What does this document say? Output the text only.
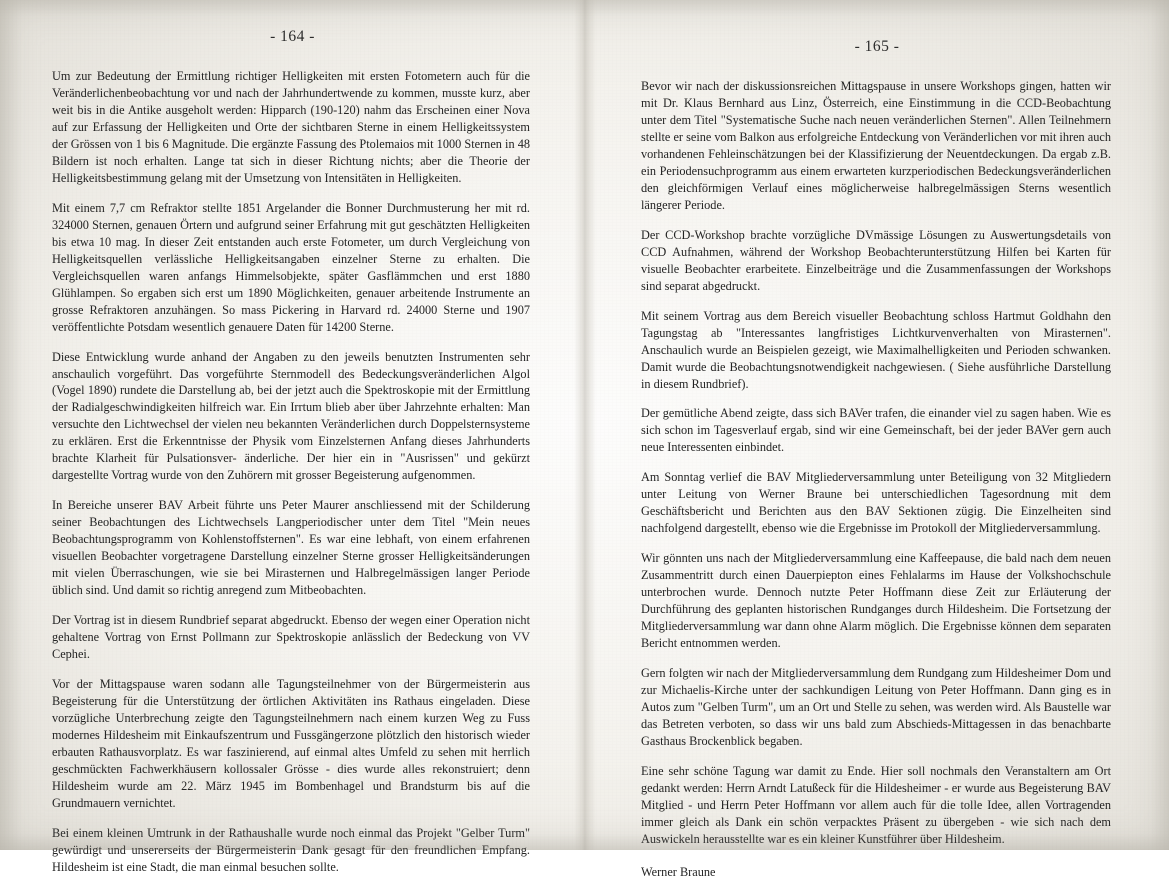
- 164 -

Um zur Bedeutung der Ermittlung richtiger Helligkeiten mit ersten Fotometern auch für die Veränderlichenbeobachtung vor und nach der Jahrhundertwende zu kommen, musste kurz, aber weit bis in die Antike ausgeholt werden: Hipparch (190-120) nahm das Erscheinen einer Nova auf zur Erfassung der Helligkeiten und Orte der sichtbaren Sterne in einem Helligkeitssystem der Grössen von 1 bis 6 Magnitude. Die ergänzte Fassung des Ptolemaios mit 1000 Sternen in 48 Bildern ist noch erhalten. Lange tat sich in dieser Richtung nichts; aber die Theorie der Helligkeitsbestimmung gelang mit der Umsetzung von Intensitäten in Helligkeiten.

Mit einem 7,7 cm Refraktor stellte 1851 Argelander die Bonner Durchmusterung her mit rd. 324000 Sternen, genauen Örtern und aufgrund seiner Erfahrung mit gut geschätzten Helligkeiten bis etwa 10 mag. In dieser Zeit entstanden auch erste Fotometer, um durch Vergleichung von Helligkeitsquellen verlässliche Helligkeitsangaben einzelner Sterne zu erhalten. Die Vergleichsquellen waren anfangs Himmelsobjekte, später Gasflämmchen und erst 1880 Glühlampen. So ergaben sich erst um 1890 Möglichkeiten, genauer arbeitende Instrumente an grosse Refraktoren anzuhängen. So mass Pickering in Harvard rd. 24000 Sterne und 1907 veröffentlichte Potsdam wesentlich genauere Daten für 14200 Sterne.

Diese Entwicklung wurde anhand der Angaben zu den jeweils benutzten Instrumenten sehr anschaulich vorgeführt. Das vorgeführte Sternmodell des Bedeckungsveränderlichen Algol (Vogel 1890) rundete die Darstellung ab, bei der jetzt auch die Spektroskopie mit der Ermittlung der Radialgeschwindigkeiten hilfreich war. Ein Irrtum blieb aber über Jahrzehnte erhalten: Man versuchte den Lichtwechsel der vielen neu bekannten Veränderlichen durch Doppelsternsysteme zu erklären. Erst die Erkenntnisse der Physik vom Einzelsternen Anfang dieses Jahrhunderts brachte Klarheit für Pulsationsver- änderliche. Der hier ein in "Ausrissen" und gekürzt dargestellte Vortrag wurde von den Zuhörern mit grosser Begeisterung aufgenommen.

In Bereiche unserer BAV Arbeit führte uns Peter Maurer anschliessend mit der Schilderung seiner Beobachtungen des Lichtwechsels Langperiodischer unter dem Titel "Mein neues Beobachtungsprogramm von Kohlenstoffsternen". Es war eine lebhaft, von einem erfahrenen visuellen Beobachter vorgetragene Darstellung einzelner Sterne grosser Helligkeitsänderungen mit vielen Überraschungen, wie sie bei Mirasternen und Halbregelmässigen langer Periode üblich sind. Und damit so richtig anregend zum Mitbeobachten.

Der Vortrag ist in diesem Rundbrief separat abgedruckt. Ebenso der wegen einer Operation nicht gehaltene Vortrag von Ernst Pollmann zur Spektroskopie anlässlich der Bedeckung von VV Cephei.

Vor der Mittagspause waren sodann alle Tagungsteilnehmer von der Bürgermeisterin aus Begeisterung für die Unterstützung der örtlichen Aktivitäten ins Rathaus eingeladen. Diese vorzügliche Unterbrechung zeigte den Tagungsteilnehmern nach einem kurzen Weg zu Fuss modernes Hildesheim mit Einkaufszentrum und Fussgängerzone plötzlich den historisch wieder erbauten Rathausvorplatz. Es war faszinierend, auf einmal altes Umfeld zu sehen mit herrlich geschmückten Fachwerkhäusern kollossaler Grösse - dies wurde alles rekonstruiert; denn Hildesheim wurde am 22. März 1945 im Bombenhagel und Brandsturm bis auf die Grundmauern vernichtet.

Bei einem kleinen Umtrunk in der Rathaushalle wurde noch einmal das Projekt "Gelber Turm" gewürdigt und unsererseits der Bürgermeisterin Dank gesagt für den freundlichen Empfang. Hildesheim ist eine Stadt, die man einmal besuchen sollte.

- 165 -

Bevor wir nach der diskussionsreichen Mittagspause in unsere Workshops gingen, hatten wir mit Dr. Klaus Bernhard aus Linz, Österreich, eine Einstimmung in die CCD-Beobachtung unter dem Titel "Systematische Suche nach neuen veränderlichen Sternen". Allen Teilnehmern stellte er seine vom Balkon aus erfolgreiche Entdeckung von Veränderlichen vor mit ihren auch vorhandenen Fehleinschätzungen bei der Klassifizierung der Neuentdeckungen. Da ergab z.B. ein Periodensuchprogramm aus einem erwarteten kurzperiodischen Bedeckungsveränderlichen den gleichförmigen Verlauf eines möglicherweise halbregelmässigen Sterns wesentlich längerer Periode.

Der CCD-Workshop brachte vorzügliche DVmässige Lösungen zu Auswertungsdetails von CCD Aufnahmen, während der Workshop Beobachterunterstützung Hilfen bei Karten für visuelle Beobachter erarbeitete. Einzelbeiträge und die Zusammenfassungen der Workshops sind separat abgedruckt.

Mit seinem Vortrag aus dem Bereich visueller Beobachtung schloss Hartmut Goldhahn den Tagungstag ab "Interessantes langfristiges Lichtkurvenverhalten von Mirasternen". Anschaulich wurde an Beispielen gezeigt, wie Maximalhelligkeiten und Perioden schwanken. Damit wurde die Beobachtungsnotwendigkeit nachgewiesen. ( Siehe ausführliche Darstellung in diesem Rundbrief).

Der gemütliche Abend zeigte, dass sich BAVer trafen, die einander viel zu sagen haben. Wie es sich schon im Tagesverlauf ergab, sind wir eine Gemeinschaft, bei der jeder BAVer gern auch neue Interessenten einbindet.

Am Sonntag verlief die BAV Mitgliederversammlung unter Beteiligung von 32 Mitgliedern unter Leitung von Werner Braune bei unterschiedlichen Tagesordnung mit dem Geschäftsbericht und Berichten aus den BAV Sektionen zügig. Die Einzelheiten sind nachfolgend dargestellt, ebenso wie die Ergebnisse im Protokoll der Mitgliederversammlung.

Wir gönnten uns nach der Mitgliederversammlung eine Kaffeepause, die bald nach dem neuen Zusammentritt durch einen Dauerpiepton eines Fehlalarms im Hause der Volkshochschule unterbrochen wurde. Dennoch nutzte Peter Hoffmann diese Zeit zur Erläuterung der Durchführung des geplanten historischen Rundganges durch Hildesheim. Die Fortsetzung der Mitgliederversammlung war dann ohne Alarm möglich. Die Ergebnisse können dem separaten Bericht entnommen werden.

Gern folgten wir nach der Mitgliederversammlung dem Rundgang zum Hildesheimer Dom und zur Michaelis-Kirche unter der sachkundigen Leitung von Peter Hoffmann. Dann ging es in Autos zum "Gelben Turm", um an Ort und Stelle zu sehen, was werden wird. Als Baustelle war das Betreten verboten, so dass wir uns bald zum Abschieds-Mittagessen in das benachbarte Gasthaus Brockenblick begaben.

Eine sehr schöne Tagung war damit zu Ende. Hier soll nochmals den Veranstaltern am Ort gedankt werden: Herrn Arndt Latußeck für die Hildesheimer - er wurde aus Begeisterung BAV Mitglied - und Herrn Peter Hoffmann vor allem auch für die tolle Idee, allen Vortragenden immer gleich als Dank ein schön verpacktes Präsent zu übergeben - wie sich nach dem Auswickeln herausstellte war es ein kleiner Kunstführer über Hildesheim.

Werner Braune
